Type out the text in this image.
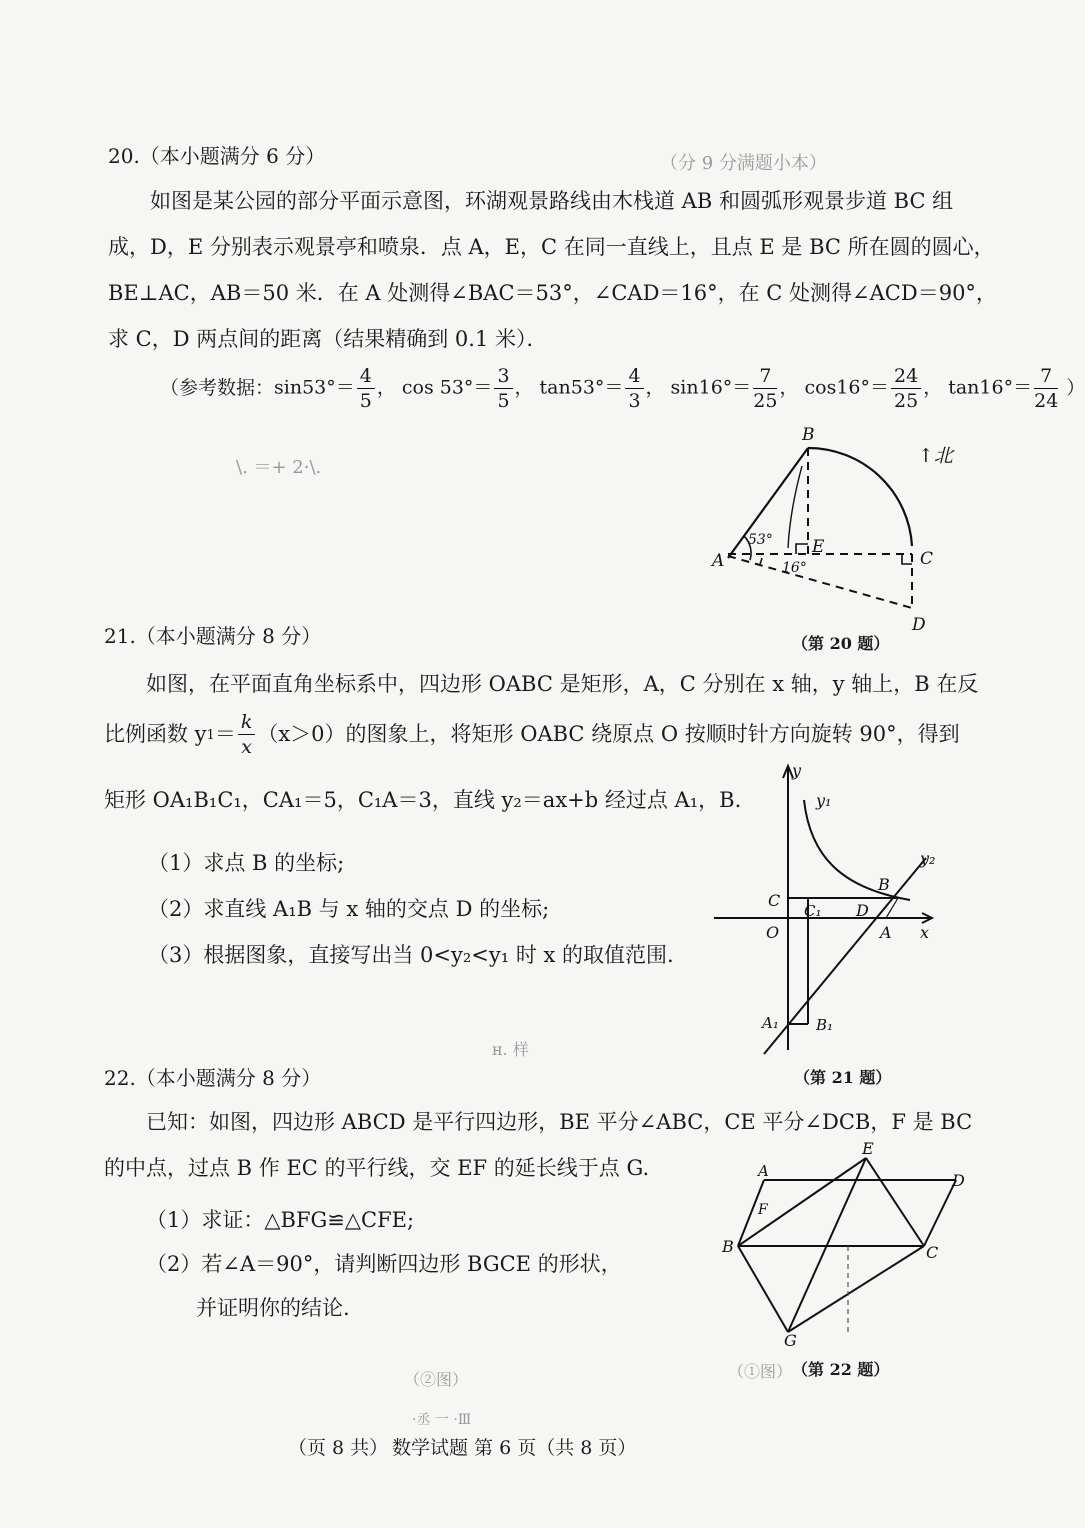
20.（本小题满分 6 分）	（分 9 分满题小本）
如图是某公园的部分平面示意图，环湖观景路线由木栈道 AB 和圆弧形观景步道 BC 组
成，D，E 分别表示观景亭和喷泉．点 A，E，C 在同一直线上，且点 E 是 BC 所在圆的圆心，
BE⊥AC，AB＝50 米．在 A 处测得∠BAC＝53°，∠CAD＝16°，在 C 处测得∠ACD＝90°，
求 C，D 两点间的距离（结果精确到 0.1 米）．
（参考数据： $\sin 53^\circ= \frac{4}{5}$ ， $\cos 53^\circ= \frac{3}{5}$ ， $\tan 53^\circ= \frac{4}{3}$ ， $\sin 16^\circ= \frac{7}{25}$ ， $\cos 16^\circ= \frac{24}{25}$ ， $\tan 16^\circ= \frac{7}{24}$ ）
\. ＝+ 2·\.
A
B
C
D
E
53°
16°
↑北
（第 20 题）
21.（本小题满分 8 分）
如图，在平面直角坐标系中，四边形 OABC 是矩形，A，C 分别在 x 轴，y 轴上，B 在反
比例函数 y $1 = \frac{k}{x} (x>0)$的图象上，将矩形 OABC 绕原点 O 按顺时针方向旋转 90°，得到
矩形 OA₁B₁C₁，CA₁＝5，C₁A＝3，直线 y₂＝ax+b 经过点 A₁，B.
（1）求点 B 的坐标;
（2）求直线 A₁B 与 x 轴的交点 D 的坐标;
（3）根据图象，直接写出当 0<y₂<y₁ 时 x 的取值范围.
н. 样
y
y₁
y₂
C
C₁ D
B
O	A x
A₁ B₁
（第 21 题）
22.（本小题满分 8 分）
已知：如图，四边形 ABCD 是平行四边形，BE 平分∠ABC，CE 平分∠DCB，F 是 BC
的中点，过点 B 作 EC 的平行线，交 EF 的延长线于点 G.
（1）求证：△BFG≌△CFE;
（2）若∠A＝90°，请判断四边形 BGCE 的形状，
并证明你的结论.
E
A	D
F
B	C
G
（第 22 题）
（②图）	（①图）
·丞 一 ·Ⅲ
（页 8 共） 数学试题 第 6 页（共 8 页）
